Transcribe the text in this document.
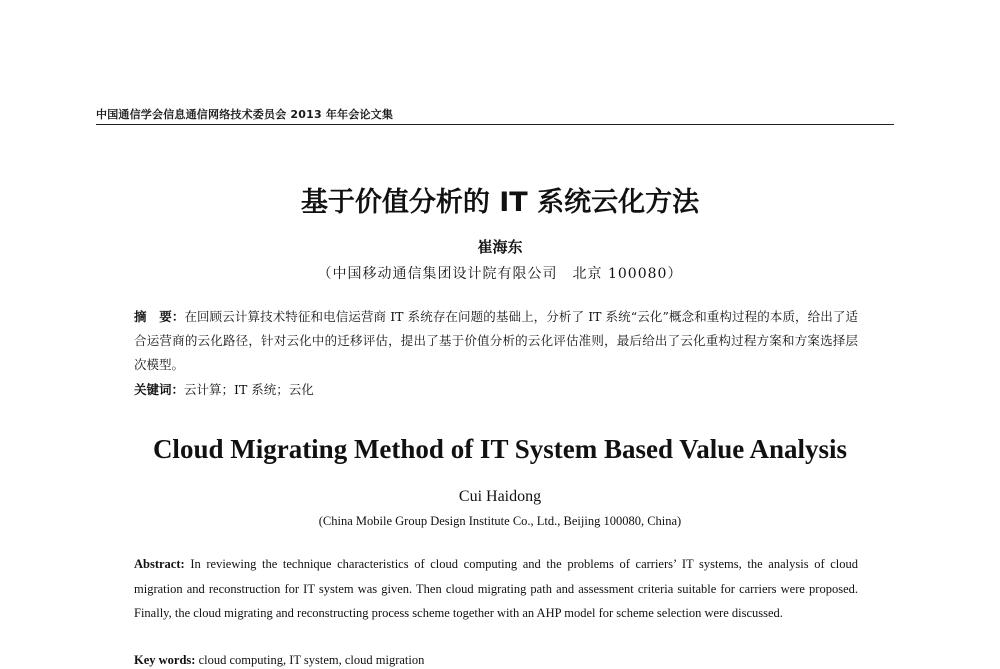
中国通信学会信息通信网络技术委员会 2013 年年会论文集
基于价值分析的 IT 系统云化方法
崔海东
（中国移动通信集团设计院有限公司　北京 100080）
摘　要：在回顾云计算技术特征和电信运营商 IT 系统存在问题的基础上，分析了 IT 系统“云化”概念和重构过程的本质，给出了适合运营商的云化路径，针对云化中的迁移评估，提出了基于价值分析的云化评估准则，最后给出了云化重构过程方案和方案选择层次模型。
关键词：云计算；IT 系统；云化
Cloud Migrating Method of IT System Based Value Analysis
Cui Haidong
(China Mobile Group Design Institute Co., Ltd., Beijing 100080, China)
Abstract: In reviewing the technique characteristics of cloud computing and the problems of carriers’ IT systems, the analysis of cloud migration and reconstruction for IT system was given. Then cloud migrating path and assessment criteria suitable for carriers were proposed. Finally, the cloud migrating and reconstructing process scheme together with an AHP model for scheme selection were discussed.
Key words: cloud computing, IT system, cloud migration
